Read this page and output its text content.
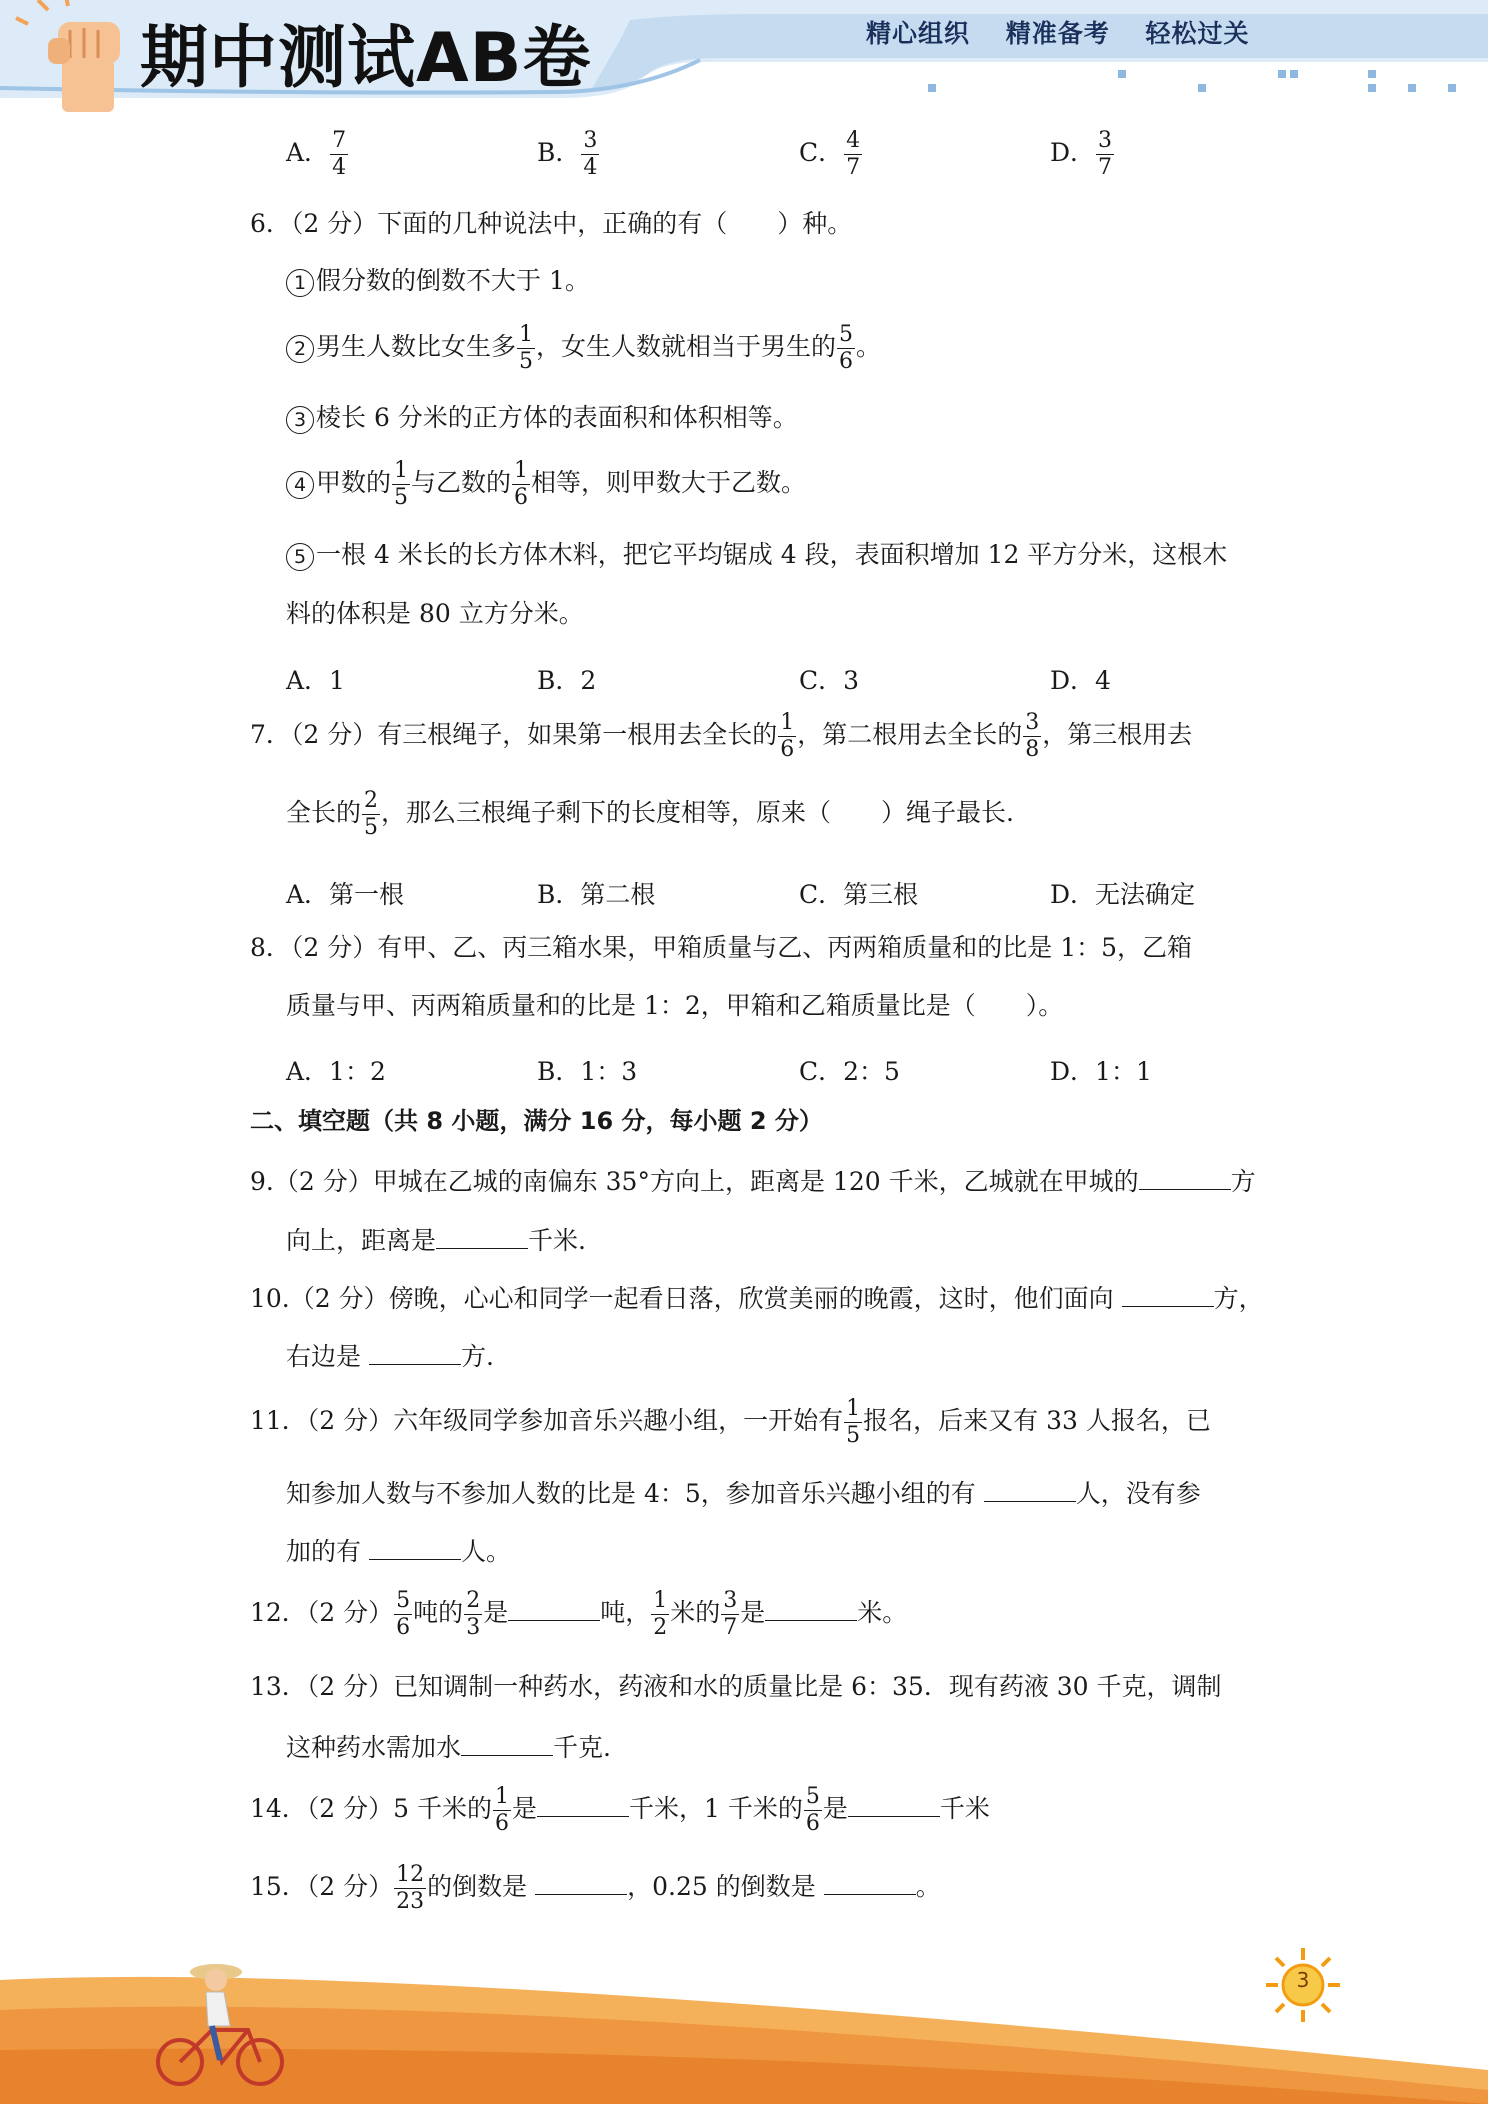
期中测试AB卷	精心组织 精准备考 轻松过关
A． $\frac{7}{4}$	B． $\frac{3}{4}$	C． $\frac{4}{7}$	D． $\frac{3}{7}$
6．（2 分）下面的几种说法中，正确的有（　　）种。
1 假分数的倒数不大于 1。
2 男生人数比女生多 $\frac{1}{5}$ ，女生人数就相当于男生的 $\frac{5}{6}$ 。
3 棱长 6 分米的正方体的表面积和体积相等。
4 甲数的 $\frac{1}{5}$ 与乙数的 $\frac{1}{6}$ 相等，则甲数大于乙数。
5 一根 4 米长的长方体木料，把它平均锯成 4 段，表面积增加 12 平方分米，这根木
料的体积是 80 立方分米。
A．1	B．2	C．3	D．4
7．（2 分）有三根绳子，如果第一根用去全长的 $\frac{1}{6}$ ，第二根用去全长的 $\frac{3}{8}$ ，第三根用去
全长的 $\frac{2}{5}$ ，那么三根绳子剩下的长度相等，原来（　　）绳子最长.
A．第一根	B．第二根	C．第三根	D．无法确定
8．（2 分）有甲、乙、丙三箱水果，甲箱质量与乙、丙两箱质量和的比是 1：5，乙箱
质量与甲、丙两箱质量和的比是 1：2，甲箱和乙箱质量比是（　　）。
A．1：2	B．1：3	C．2：5	D．1：1
二、填空题（共 8 小题，满分 16 分，每小题 2 分）
9.（2 分）甲城在乙城的南偏东 35°方向上，距离是 120 千米，乙城就在甲城的	方
向上，距离是	千米.
10.（2 分）傍晚，心心和同学一起看日落，欣赏美丽的晚霞，这时，他们面向	方，
右边是	方.
11．（2 分）六年级同学参加音乐兴趣小组，一开始有 $\frac{1}{5}$ 报名，后来又有 33 人报名，已
知参加人数与不参加人数的比是 4：5，参加音乐兴趣小组的有	人，没有参
加的有	人。
12．（2 分） $\frac{5}{6}$ 吨的 $\frac{2}{3}$ 是	吨， $\frac{1}{2}$ 米的 $\frac{3}{7}$ 是	米。
13．（2 分）已知调制一种药水，药液和水的质量比是 6：35．现有药液 30 千克，调制
这种药水需加水	千克.
14．（2 分）5 千米的 $\frac{1}{6}$ 是	千米，1 千米的 $\frac{5}{6}$ 是	千米
15．（2 分） $\frac{12}{23}$ 的倒数是	，0.25 的倒数是	。
3
